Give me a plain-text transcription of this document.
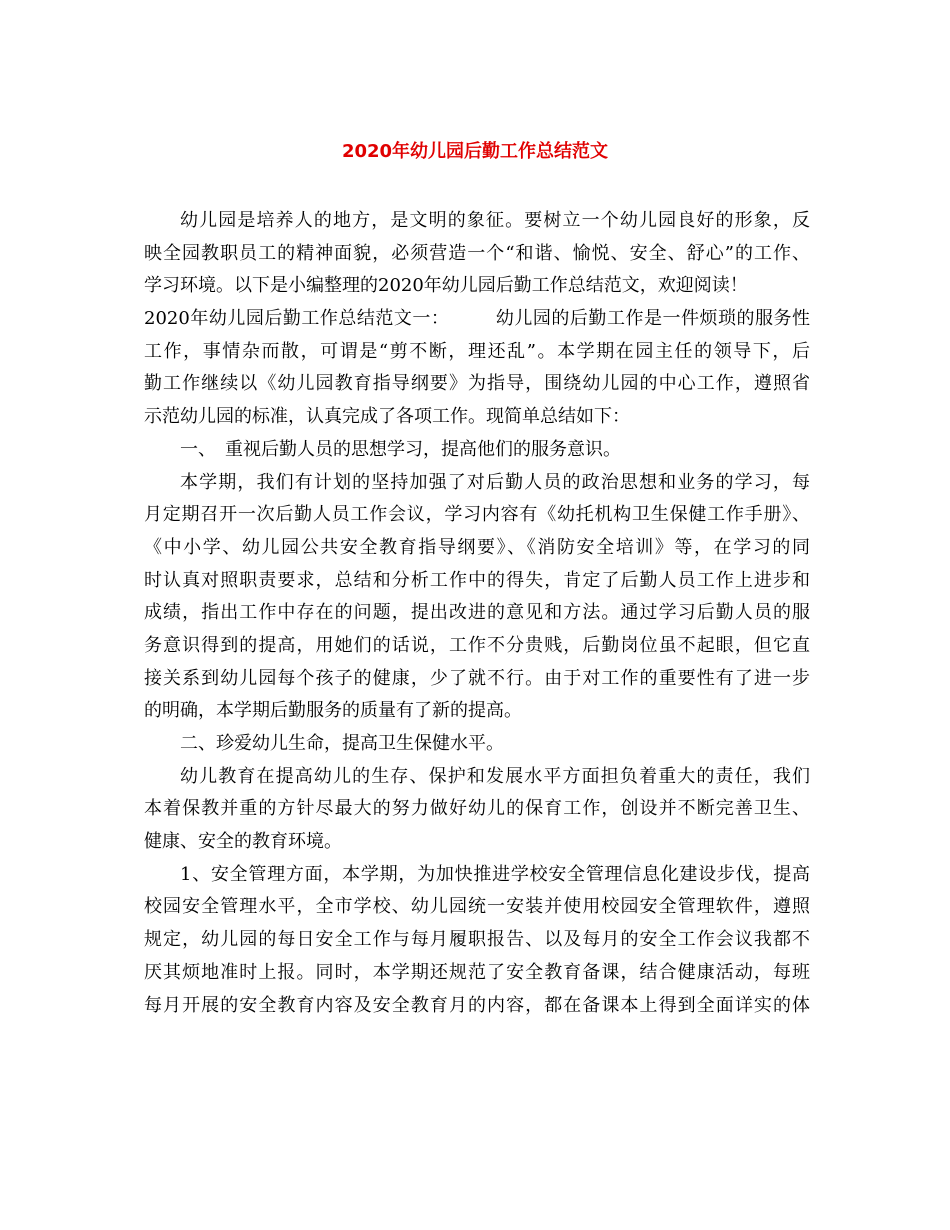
2020年幼儿园后勤工作总结范文
幼儿园是培养人的地方，是文明的象征。要树立一个幼儿园良好的形象，反
映全园教职员工的精神面貌，必须营造一个“和谐、愉悦、安全、舒心”的工作、
学习环境。以下是小编整理的2020年幼儿园后勤工作总结范文，欢迎阅读！
2020年幼儿园后勤工作总结范文一：　　　幼儿园的后勤工作是一件烦琐的服务性
工作，事情杂而散，可谓是“剪不断，理还乱”。本学期在园主任的领导下，后
勤工作继续以《幼儿园教育指导纲要》为指导，围绕幼儿园的中心工作，遵照省
示范幼儿园的标准，认真完成了各项工作。现简单总结如下：
一、　重视后勤人员的思想学习，提高他们的服务意识。
本学期，我们有计划的坚持加强了对后勤人员的政治思想和业务的学习，每
月定期召开一次后勤人员工作会议，学习内容有《幼托机构卫生保健工作手册》、
《中小学、幼儿园公共安全教育指导纲要》、《消防安全培训》等，在学习的同
时认真对照职责要求，总结和分析工作中的得失，肯定了后勤人员工作上进步和
成绩，指出工作中存在的问题，提出改进的意见和方法。通过学习后勤人员的服
务意识得到的提高，用她们的话说，工作不分贵贱，后勤岗位虽不起眼，但它直
接关系到幼儿园每个孩子的健康，少了就不行。由于对工作的重要性有了进一步
的明确，本学期后勤服务的质量有了新的提高。
二、珍爱幼儿生命，提高卫生保健水平。
幼儿教育在提高幼儿的生存、保护和发展水平方面担负着重大的责任，我们
本着保教并重的方针尽最大的努力做好幼儿的保育工作，创设并不断完善卫生、
健康、安全的教育环境。
1、安全管理方面，本学期，为加快推进学校安全管理信息化建设步伐，提高
校园安全管理水平，全市学校、幼儿园统一安装并使用校园安全管理软件，遵照
规定，幼儿园的每日安全工作与每月履职报告、以及每月的安全工作会议我都不
厌其烦地准时上报。同时，本学期还规范了安全教育备课，结合健康活动，每班
每月开展的安全教育内容及安全教育月的内容，都在备课本上得到全面详实的体
